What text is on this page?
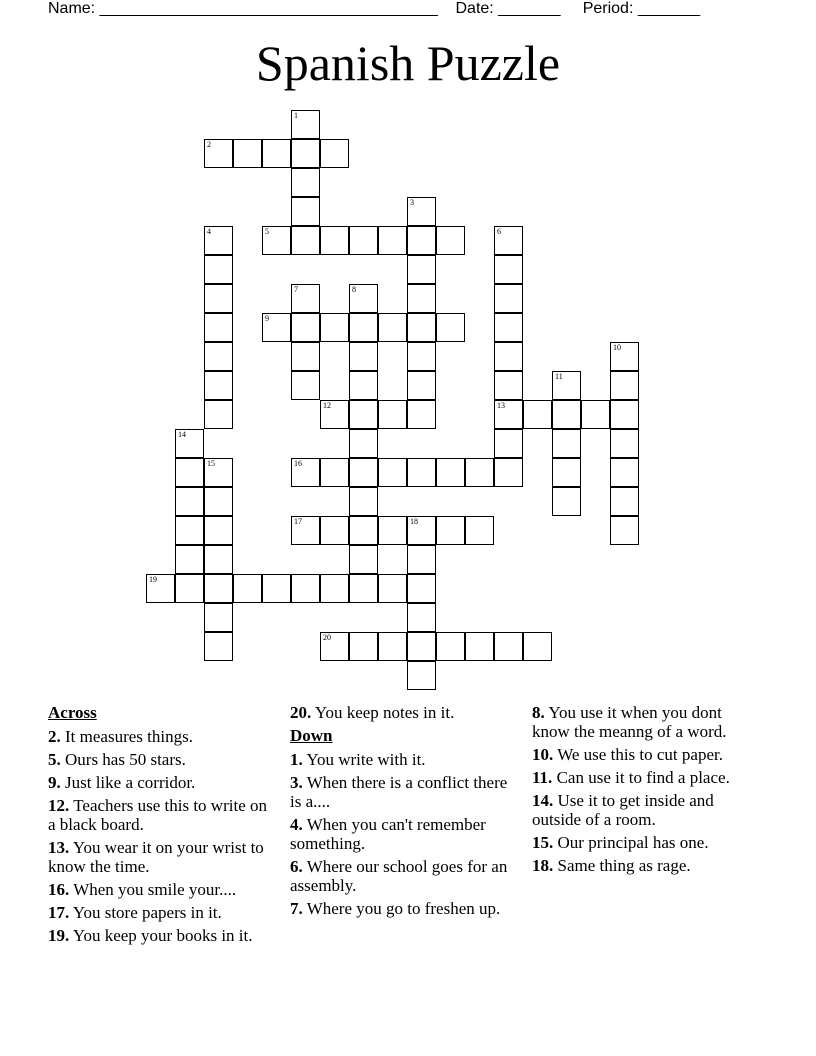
Name: ______________________________________    Date: _______     Period: _______
Spanish Puzzle
1
2
3
4	5	6
13
7	8
9
10
11
12
14
15	16
17	18
19
20
Across
2. It measures things.
5. Ours has 50 stars.
9. Just like a corridor.
12. Teachers use this to write on a black board.
13. You wear it on your wrist to know the time.
16. When you smile your....
17. You store papers in it.
19. You keep your books in it.
20. You keep notes in it.
Down
1. You write with it.
3. When there is a conflict there is a....
4. When you can't remember something.
6. Where our school goes for an assembly.
7. Where you go to freshen up.
8. You use it when you dont know the meanng of a word.
10. We use this to cut paper.
11. Can use it to find a place.
14. Use it to get inside and outside of a room.
15. Our principal has one.
18. Same thing as rage.
